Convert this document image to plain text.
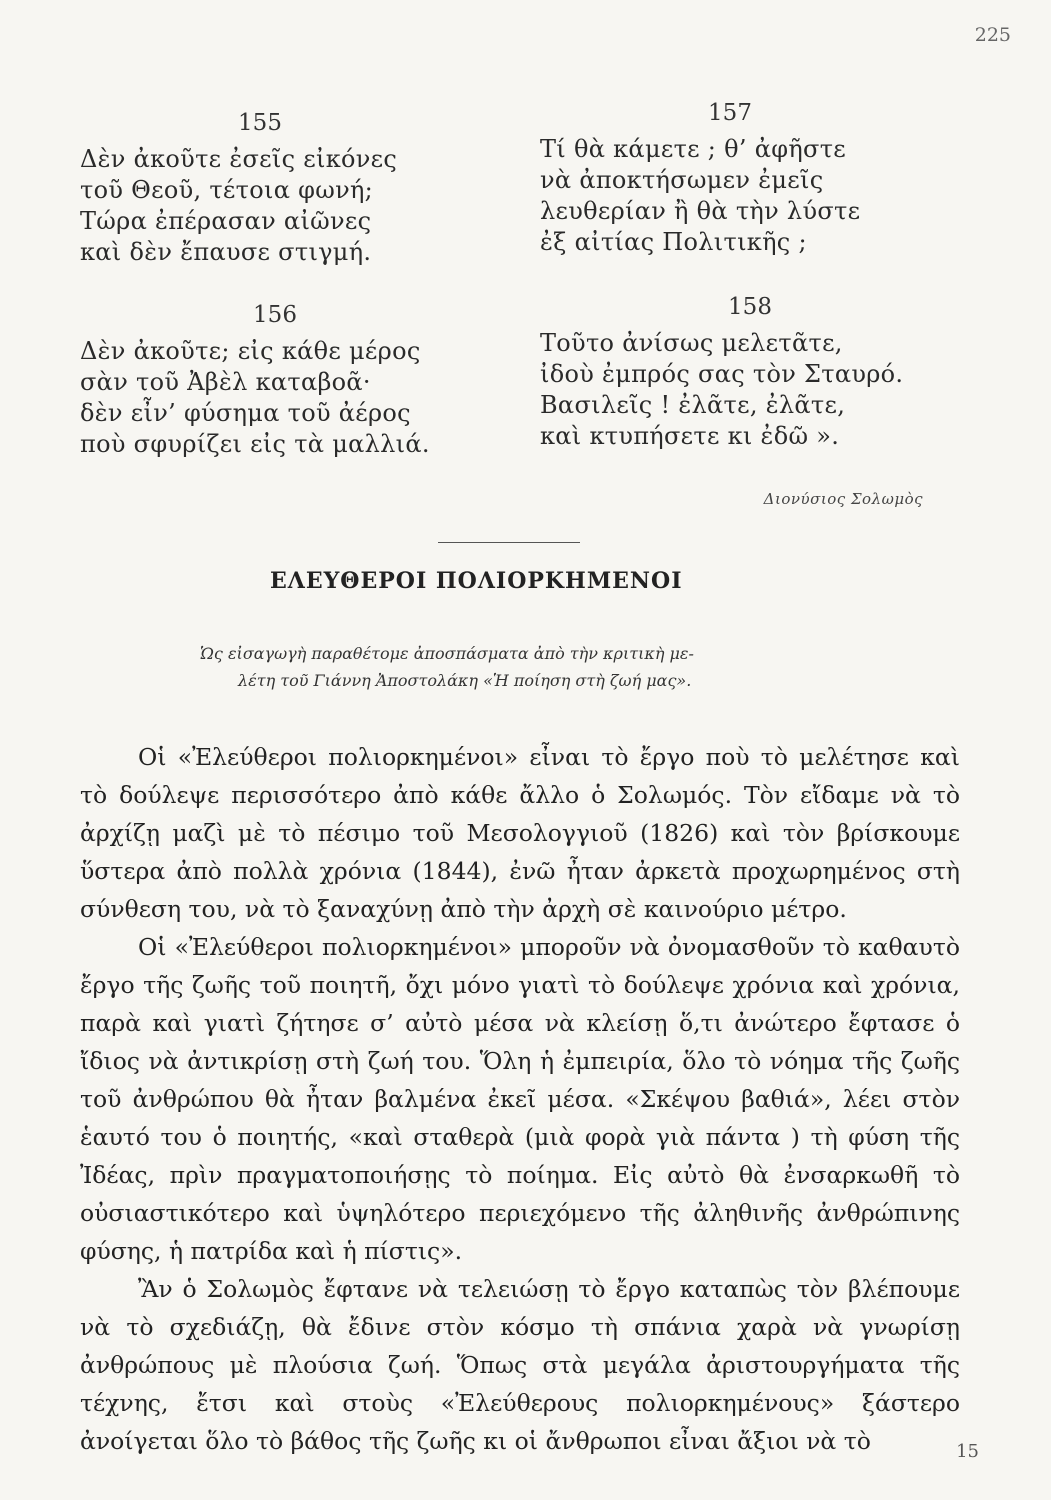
225
155
Δὲν ἀκοῦτε ἐσεῖς εἰκόνες
τοῦ Θεοῦ, τέτοια φωνή;
Τώρα ἐπέρασαν αἰῶνες
καὶ δὲν ἔπαυσε στιγμή.
156
Δὲν ἀκοῦτε; εἰς κάθε μέρος
σὰν τοῦ Ἀβὲλ καταβοᾶ·
δὲν εἶν’ φύσημα τοῦ ἀέρος
ποὺ σφυρίζει εἰς τὰ μαλλιά.
157
Τί θὰ κάμετε ; θ’ ἀφῆστε
νὰ ἀποκτήσωμεν ἐμεῖς
λευθερίαν ἢ θὰ τὴν λύστε
ἐξ αἰτίας Πολιτικῆς ;
158
Τοῦτο ἀνίσως μελετᾶτε,
ἰδοὺ ἐμπρός σας τὸν Σταυρό.
Βασιλεῖς ! ἐλᾶτε, ἐλᾶτε,
καὶ κτυπήσετε κι ἐδῶ ».
Διονύσιος Σολωμὸς
ΕΛΕΥΘΕΡΟΙ ΠΟΛΙΟΡΚΗΜΕΝΟΙ
Ὡς εἰσαγωγὴ παραθέτομε ἀποσπάσματα ἀπὸ τὴν κριτικὴ με-
λέτη τοῦ Γιάννη Ἀποστολάκη «Ἡ ποίηση στὴ ζωή μας».

Οἱ «Ἐλεύθεροι πολιορκημένοι» εἶναι τὸ ἔργο ποὺ τὸ μελέτησε καὶ τὸ δούλεψε περισσότερο ἀπὸ κάθε ἄλλο ὁ Σολωμός. Τὸν εἴδαμε νὰ τὸ ἀρχίζῃ μαζὶ μὲ τὸ πέσιμο τοῦ Μεσολογγιοῦ (1826) καὶ τὸν βρίσκουμε ὕστερα ἀπὸ πολλὰ χρόνια (1844), ἐνῶ ἦταν ἀρκετὰ προχωρημένος στὴ σύνθεση του, νὰ τὸ ξαναχύνῃ ἀπὸ τὴν ἀρχὴ σὲ καινούριο μέτρο.

Οἱ «Ἐλεύθεροι πολιορκημένοι» μποροῦν νὰ ὀνομασθοῦν τὸ καθαυτὸ ἔργο τῆς ζωῆς τοῦ ποιητῆ, ὄχι μόνο γιατὶ τὸ δούλεψε χρόνια καὶ χρόνια, παρὰ καὶ γιατὶ ζήτησε σ’ αὐτὸ μέσα νὰ κλείσῃ ὅ,τι ἀνώτερο ἔφτασε ὁ ἴδιος νὰ ἀντικρίσῃ στὴ ζωή του. Ὅλη ἡ ἐμπειρία, ὅλο τὸ νόημα τῆς ζωῆς τοῦ ἀνθρώπου θὰ ἦταν βαλμένα ἐκεῖ μέσα. «Σκέψου βαθιά», λέει στὸν ἑαυτό του ὁ ποιητής, «καὶ σταθερὰ (μιὰ φορὰ γιὰ πάντα ) τὴ φύση τῆς Ἰδέας, πρὶν πραγματοποιήσῃς τὸ ποίημα. Εἰς αὐτὸ θὰ ἐνσαρκωθῆ τὸ οὐσιαστικότερο καὶ ὑψηλότερο περιεχόμενο τῆς ἀληθινῆς ἀνθρώπινης φύσης, ἡ πατρίδα καὶ ἡ πίστις».

Ἂν ὁ Σολωμὸς ἔφτανε νὰ τελειώσῃ τὸ ἔργο καταπὼς τὸν βλέπουμε νὰ τὸ σχεδιάζῃ, θὰ ἔδινε στὸν κόσμο τὴ σπάνια χαρὰ νὰ γνωρίσῃ ἀνθρώπους μὲ πλούσια ζωή. Ὅπως στὰ μεγάλα ἀριστουργήματα τῆς τέχνης, ἔτσι καὶ στοὺς «Ἐλεύθερους πολιορκημένους» ξάστερο ἀνοίγεται ὅλο τὸ βάθος τῆς ζωῆς κι οἱ ἄνθρωποι εἶναι ἄξιοι νὰ τὸ	15
